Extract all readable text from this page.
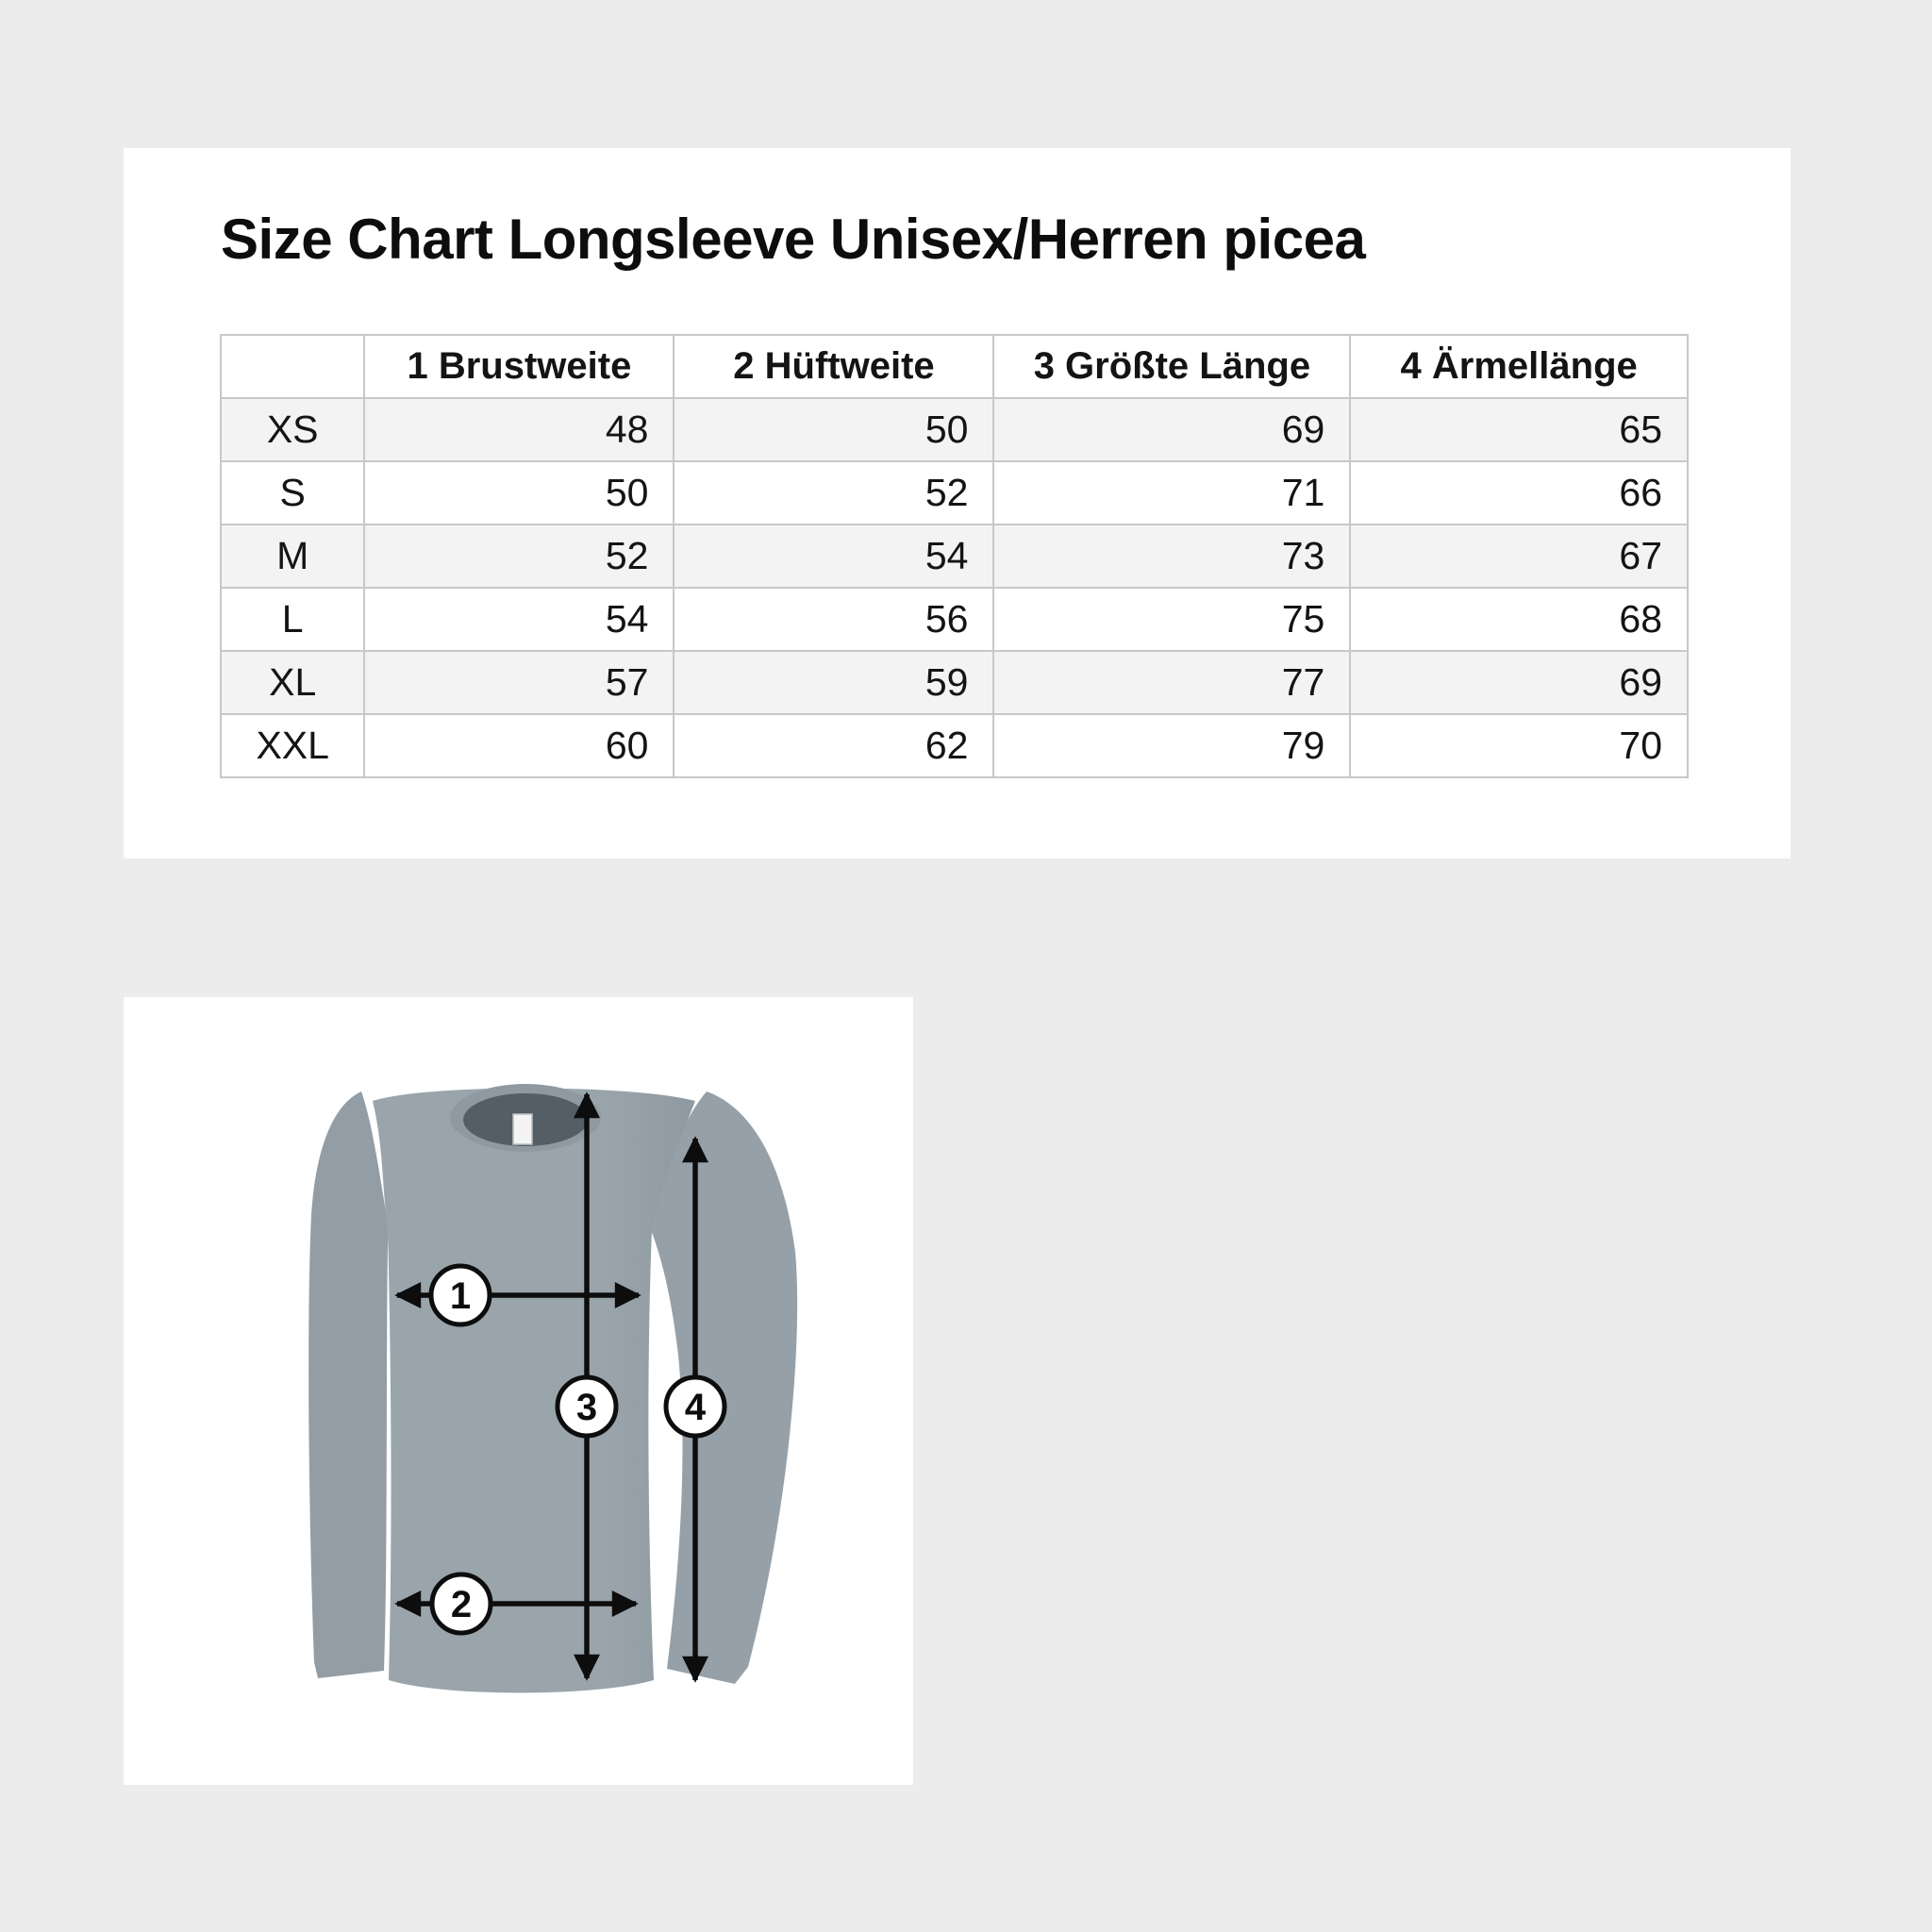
Size Chart Longsleeve Unisex/Herren picea
	1 Brustweite	2 Hüftweite	3 Größte Länge	4 Ärmellänge
XS	48	50	69	65
S	50	52	71	66
M	52	54	73	67
L	54	56	75	68
XL	57	59	77	69
XXL	60	62	79	70
1
2
3 4
